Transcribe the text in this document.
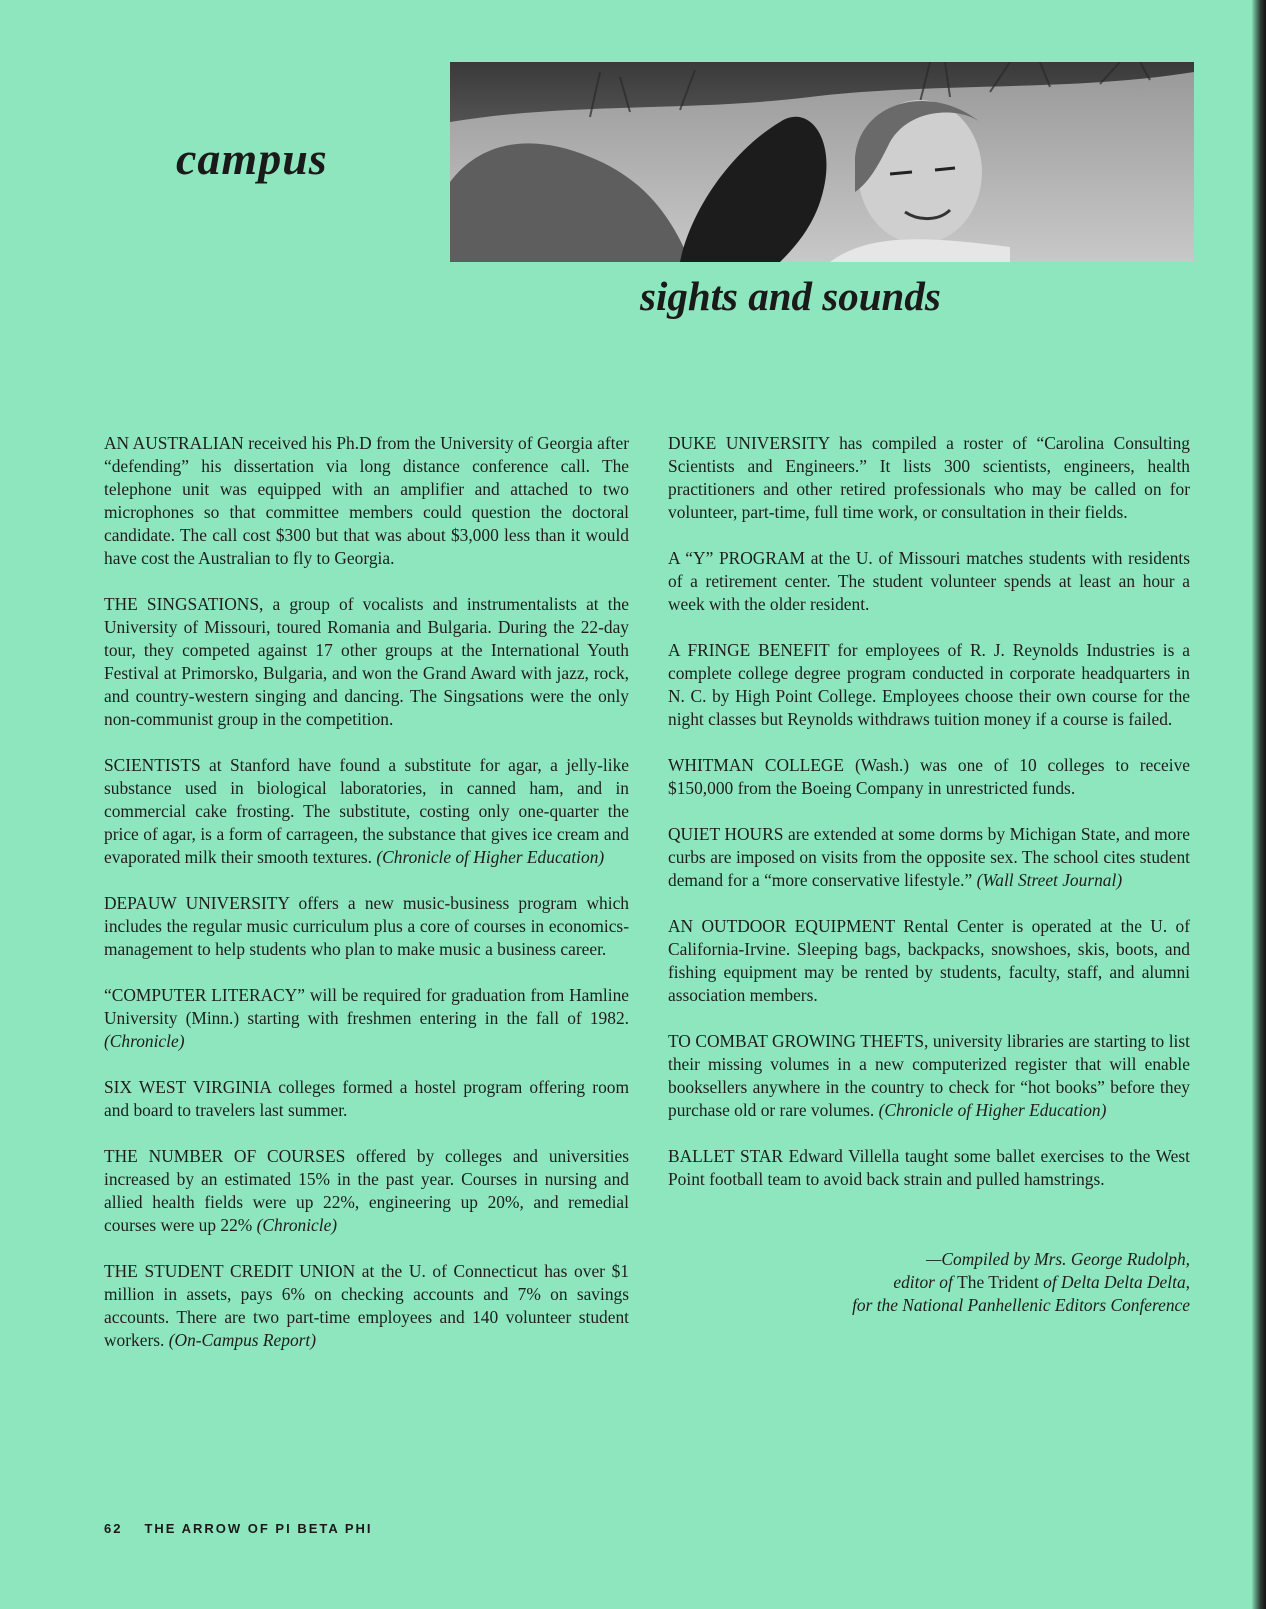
campus
sights and sounds

AN AUSTRALIAN received his Ph.D from the University of Georgia after “defending” his dissertation via long distance conference call. The telephone unit was equipped with an amplifier and attached to two microphones so that committee members could question the doctoral candidate. The call cost $300 but that was about $3,000 less than it would have cost the Australian to fly to Georgia.

THE SINGSATIONS, a group of vocalists and instrumentalists at the University of Missouri, toured Romania and Bulgaria. During the 22-day tour, they competed against 17 other groups at the International Youth Festival at Primorsko, Bulgaria, and won the Grand Award with jazz, rock, and country-western singing and dancing. The Singsations were the only non-communist group in the competition.

SCIENTISTS at Stanford have found a substitute for agar, a jelly-like substance used in biological laboratories, in canned ham, and in commercial cake frosting. The substitute, costing only one-quarter the price of agar, is a form of carrageen, the substance that gives ice cream and evaporated milk their smooth textures. (Chronicle of Higher Education)

DEPAUW UNIVERSITY offers a new music-business program which includes the regular music curriculum plus a core of courses in economics-management to help students who plan to make music a business career.

“COMPUTER LITERACY” will be required for graduation from Hamline University (Minn.) starting with freshmen entering in the fall of 1982. (Chronicle)

SIX WEST VIRGINIA colleges formed a hostel program offering room and board to travelers last summer.

THE NUMBER OF COURSES offered by colleges and universities increased by an estimated 15% in the past year. Courses in nursing and allied health fields were up 22%, engineering up 20%, and remedial courses were up 22% (Chronicle)

THE STUDENT CREDIT UNION at the U. of Connecticut has over $1 million in assets, pays 6% on checking accounts and 7% on savings accounts. There are two part-time employees and 140 volunteer student workers. (On-Campus Report)

DUKE UNIVERSITY has compiled a roster of “Carolina Consulting Scientists and Engineers.” It lists 300 scientists, engineers, health practitioners and other retired professionals who may be called on for volunteer, part-time, full time work, or consultation in their fields.

A “Y” PROGRAM at the U. of Missouri matches students with residents of a retirement center. The student volunteer spends at least an hour a week with the older resident.

A FRINGE BENEFIT for employees of R. J. Reynolds Industries is a complete college degree program conducted in corporate headquarters in N. C. by High Point College. Employees choose their own course for the night classes but Reynolds withdraws tuition money if a course is failed.

WHITMAN COLLEGE (Wash.) was one of 10 colleges to receive $150,000 from the Boeing Company in unrestricted funds.

QUIET HOURS are extended at some dorms by Michigan State, and more curbs are imposed on visits from the opposite sex. The school cites student demand for a “more conservative lifestyle.” (Wall Street Journal)

AN OUTDOOR EQUIPMENT Rental Center is operated at the U. of California-Irvine. Sleeping bags, backpacks, snowshoes, skis, boots, and fishing equipment may be rented by students, faculty, staff, and alumni association members.

TO COMBAT GROWING THEFTS, university libraries are starting to list their missing volumes in a new computerized register that will enable booksellers anywhere in the country to check for “hot books” before they purchase old or rare volumes. (Chronicle of Higher Education)

BALLET STAR Edward Villella taught some ballet exercises to the West Point football team to avoid back strain and pulled hamstrings.

—Compiled by Mrs. George Rudolph,
editor of The Trident of Delta Delta Delta,
for the National Panhellenic Editors Conference
62 THE ARROW OF PI BETA PHI
